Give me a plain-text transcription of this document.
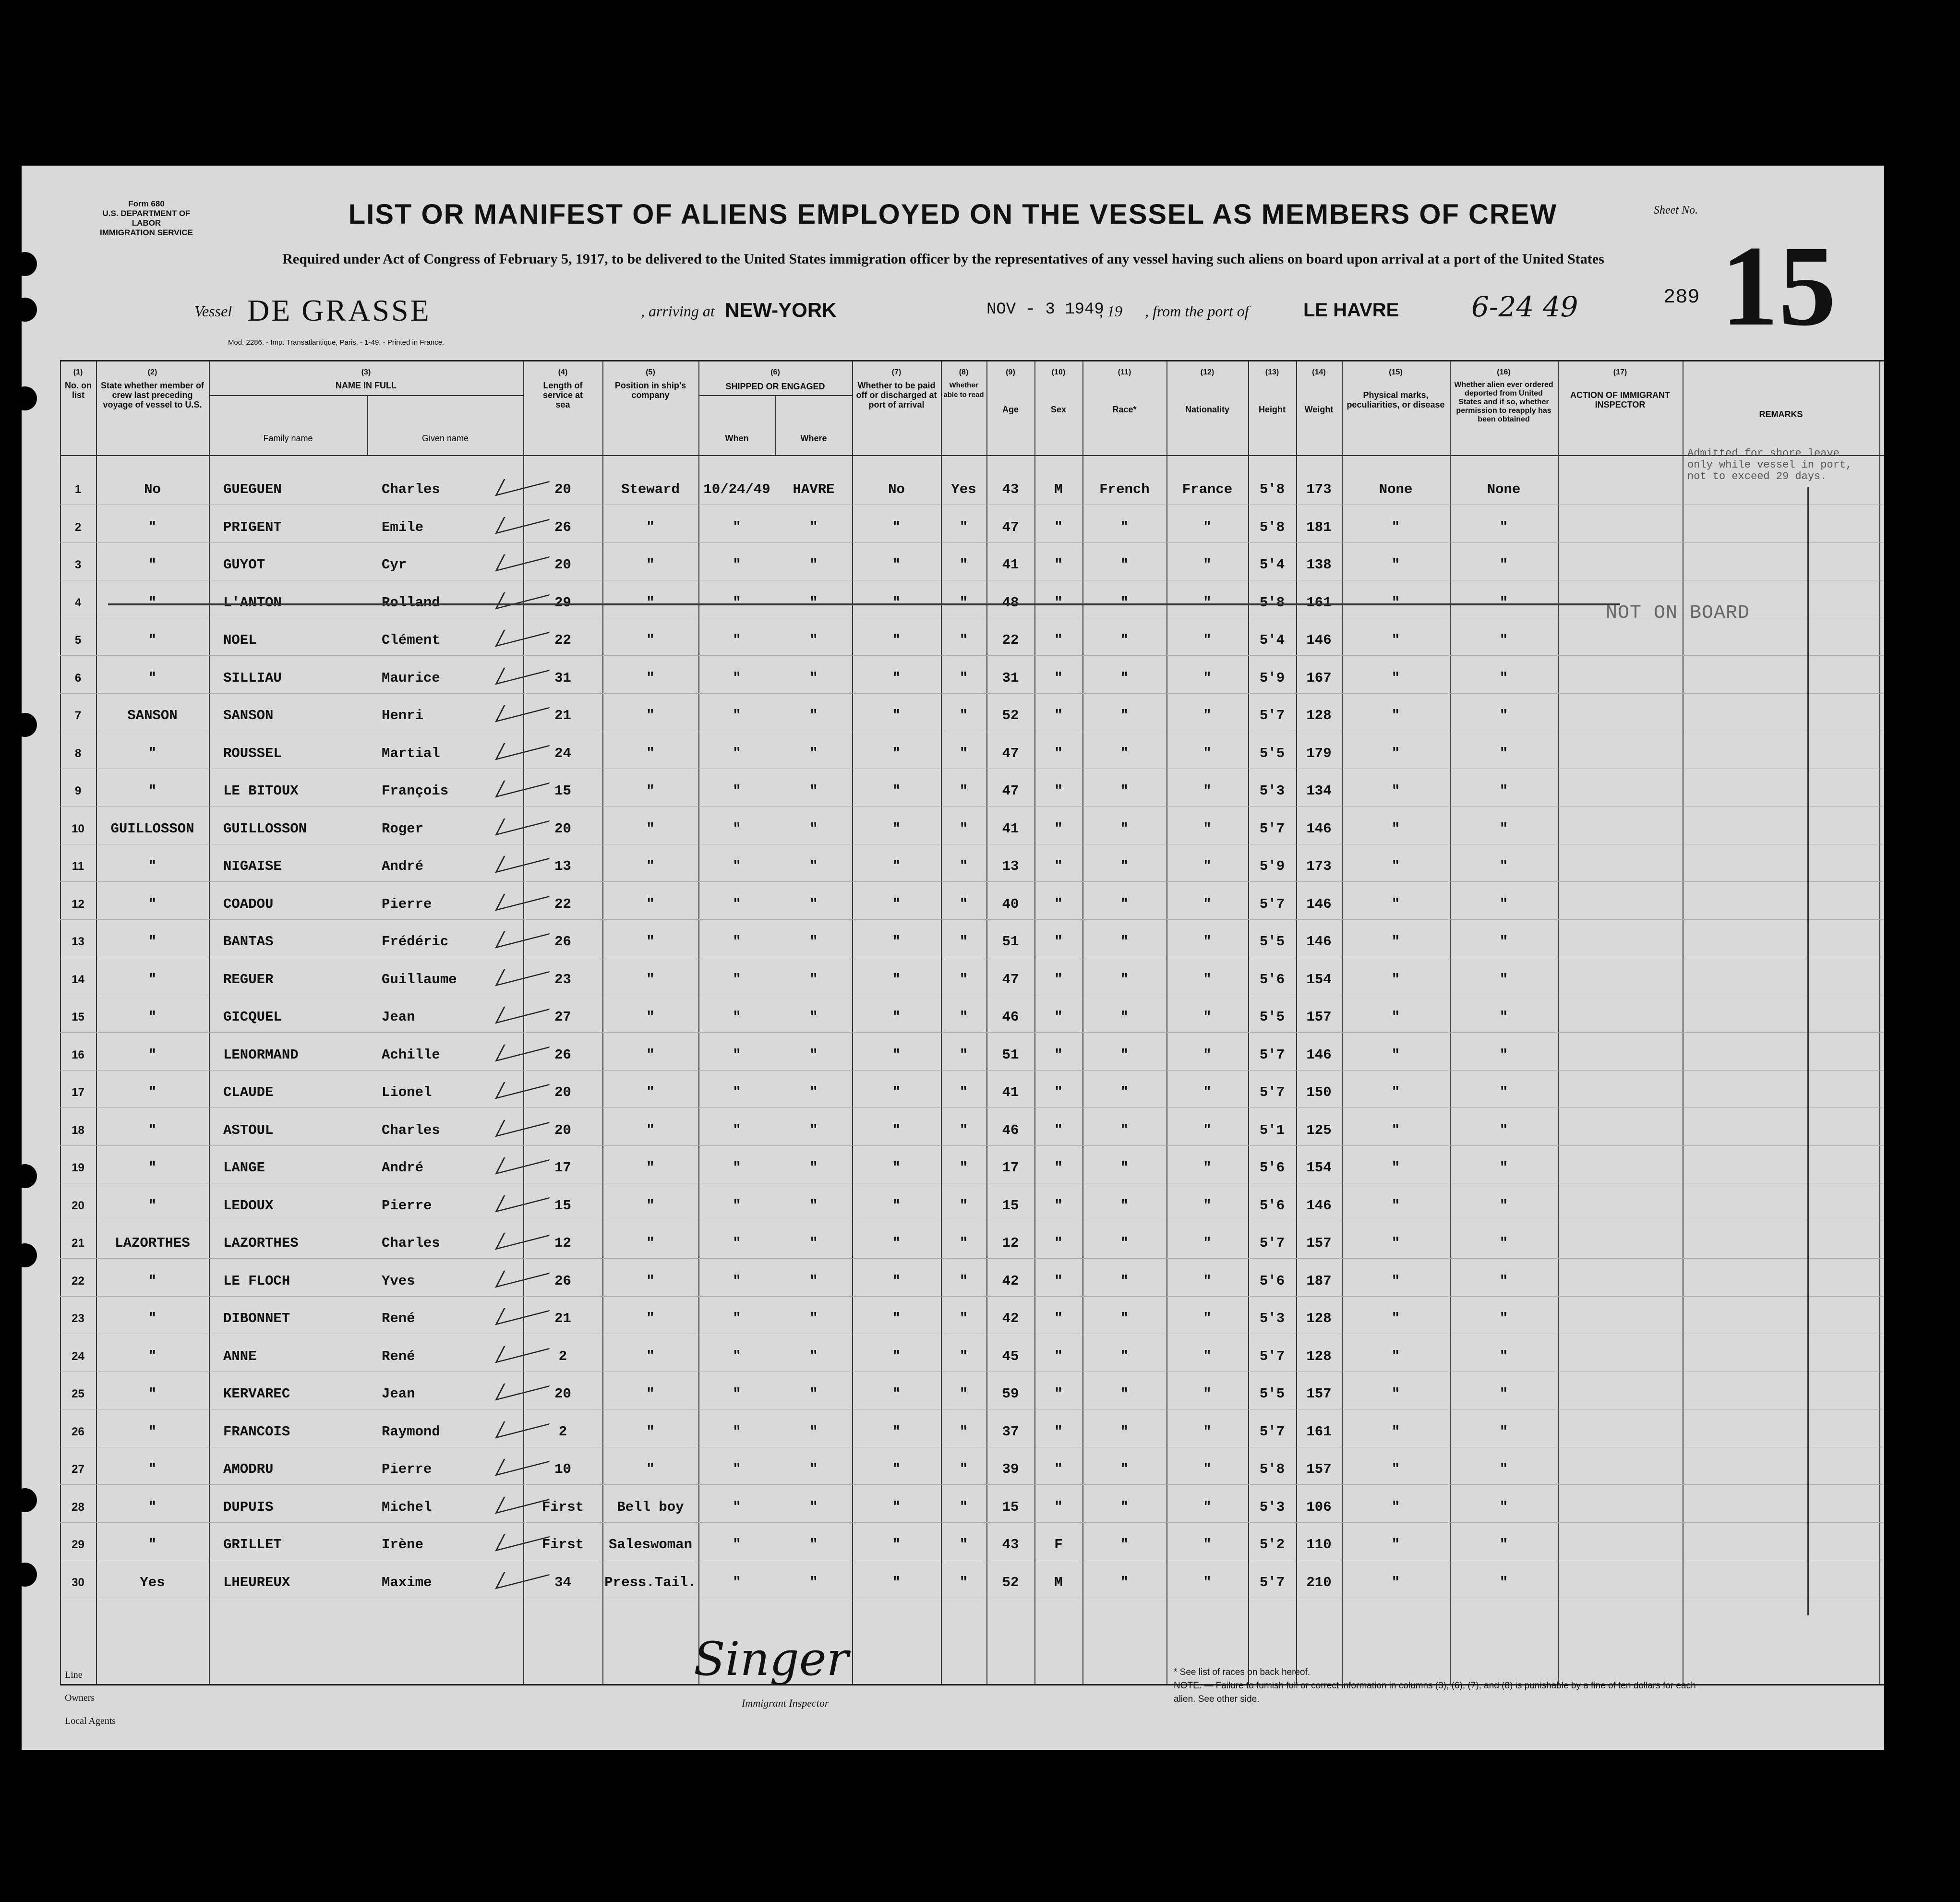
Form 680
U.S. DEPARTMENT OF LABOR
IMMIGRATION SERVICE
LIST OR MANIFEST OF ALIENS EMPLOYED ON THE VESSEL AS MEMBERS OF CREW	Sheet No.
15
289
Required under Act of Congress of February 5, 1917, to be delivered to the United States immigration officer by the representatives of any vessel having such aliens on board upon arrival at a port of the United States
Vessel DE GRASSE	, arriving at NEW-YORK	NOV - 3 1949
, 19 , from the port of	LE HAVRE	6-24 49
Mod. 2286. - Imp. Transatlantique, Paris. - 1-49. - Printed in France.
(1)
No. on list
(2)
State whether member of crew last preceding voyage of vessel to U.S.
(3)
NAME IN FULL
Family name	Given name
(4)
Length of service at sea
(5)
Position in ship's company
(6)
SHIPPED OR ENGAGED
When	Where
(7)
Whether to be paid off or discharged at port of arrival
(8)
Whether able to read
(9)
Age
(10)
Sex
(11)
Race*
(12)
Nationality
(13)
Height
(14)
Weight
(15)
Physical marks, peculiarities, or disease
(16)
Whether alien ever ordered deported from United States and if so, whether permission to reapply has been obtained
(17)
ACTION OF IMMIGRANT INSPECTOR
REMARKS
1	No	GUEGUEN	Charles	20	Steward	10/24/49	HAVRE	No	Yes	43	M	French	France	5'8	173	None	None
2	"	PRIGENT	Emile	26	"	"	"	"	"	47	"	"	"	5'8	181	"	"
3	"	GUYOT	Cyr	20	"	"	"	"	"	41	"	"	"	5'4	138	"	"
4	"	L'ANTON	Rolland	29	"	"	"	"	"	48	"	"	"	5'8	161	"	"
5	"	NOEL	Clément	22	"	"	"	"	"	22	"	"	"	5'4	146	"	"
6	"	SILLIAU	Maurice	31	"	"	"	"	"	31	"	"	"	5'9	167	"	"
7	SANSON	SANSON	Henri	21	"	"	"	"	"	52	"	"	"	5'7	128	"	"
8	"	ROUSSEL	Martial	24	"	"	"	"	"	47	"	"	"	5'5	179	"	"
9	"	LE BITOUX	François	15	"	"	"	"	"	47	"	"	"	5'3	134	"	"
10	GUILLOSSON	GUILLOSSON	Roger	20	"	"	"	"	"	41	"	"	"	5'7	146	"	"
11	"	NIGAISE	André	13	"	"	"	"	"	13	"	"	"	5'9	173	"	"
12	"	COADOU	Pierre	22	"	"	"	"	"	40	"	"	"	5'7	146	"	"
13	"	BANTAS	Frédéric	26	"	"	"	"	"	51	"	"	"	5'5	146	"	"
14	"	REGUER	Guillaume	23	"	"	"	"	"	47	"	"	"	5'6	154	"	"
15	"	GICQUEL	Jean	27	"	"	"	"	"	46	"	"	"	5'5	157	"	"
16	"	LENORMAND	Achille	26	"	"	"	"	"	51	"	"	"	5'7	146	"	"
17	"	CLAUDE	Lionel	20	"	"	"	"	"	41	"	"	"	5'7	150	"	"
18	"	ASTOUL	Charles	20	"	"	"	"	"	46	"	"	"	5'1	125	"	"
19	"	LANGE	André	17	"	"	"	"	"	17	"	"	"	5'6	154	"	"
20	"	LEDOUX	Pierre	15	"	"	"	"	"	15	"	"	"	5'6	146	"	"
21	LAZORTHES	LAZORTHES	Charles	12	"	"	"	"	"	12	"	"	"	5'7	157	"	"
22	"	LE FLOCH	Yves	26	"	"	"	"	"	42	"	"	"	5'6	187	"	"
23	"	DIBONNET	René	21	"	"	"	"	"	42	"	"	"	5'3	128	"	"
24	"	ANNE	René	2	"	"	"	"	"	45	"	"	"	5'7	128	"	"
25	"	KERVAREC	Jean	20	"	"	"	"	"	59	"	"	"	5'5	157	"	"
26	"	FRANCOIS	Raymond	2	"	"	"	"	"	37	"	"	"	5'7	161	"	"
27	"	AMODRU	Pierre	10	"	"	"	"	"	39	"	"	"	5'8	157	"	"
28	"	DUPUIS	Michel	First	Bell boy	"	"	"	"	15	"	"	"	5'3	106	"	"
29	"	GRILLET	Irène	First	Saleswoman	"	"	"	"	43	F	"	"	5'2	110	"	"
30	Yes	LHEUREUX	Maxime	34	Press.Tail.	"	"	"	"	52	M	"	"	5'7	210	"	"
Admitted for shore leave only while vessel in port, not to exceed 29 days.
NOT ON BOARD
Line
Owners
Local Agents
Singer
Immigrant Inspector
* See list of races on back hereof.
NOTE. — Failure to furnish full or correct information in columns (3), (6), (7), and (8) is punishable by a fine of ten dollars for each alien. See other side.
